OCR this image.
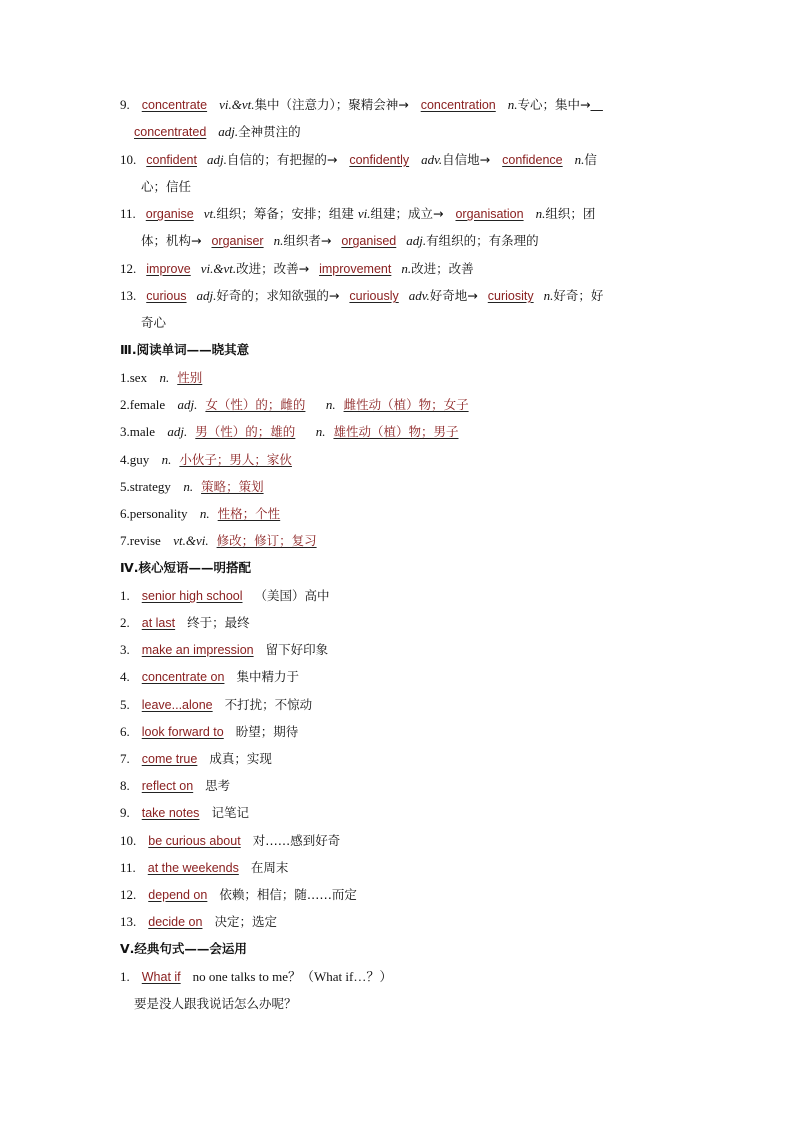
9. concentrate vi.&vt.集中（注意力）；聚精会神→ concentration n.专心；集中→
concentrated adj.全神贯注的
10. confident adj.自信的；有把握的→ confidently adv.自信地→ confidence n.信
心；信任
11. organise vt.组织；筹备；安排；组建 vi.组建；成立→ organisation n.组织；团
体；机构→ organiser n.组织者→ organised adj.有组织的；有条理的
12. improve vi.&vt.改进；改善→ improvement n.改进；改善
13. curious adj.好奇的；求知欲强的→ curiously adv.好奇地→ curiosity n.好奇；好
奇心
Ⅲ.阅读单词——晓其意
1.sex n. 性别
2.female adj. 女（性）的；雌的 n. 雌性动（植）物；女子
3.male adj. 男（性）的；雄的 n. 雄性动（植）物；男子
4.guy n. 小伙子；男人；家伙
5.strategy n. 策略；策划
6.personality n. 性格；个性
7.revise vt.&vi. 修改；修订；复习
Ⅳ.核心短语——明搭配
1. senior high school （美国）高中
2. at last 终于；最终
3. make an impression 留下好印象
4. concentrate on 集中精力于
5. leave...alone 不打扰；不惊动
6. look forward to 盼望；期待
7. come true 成真；实现
8. reflect on 思考
9. take notes 记笔记
10. be curious about 对……感到好奇
11. at the weekends 在周末
12. depend on 依赖；相信；随……而定
13. decide on 决定；选定
Ⅴ.经典句式——会运用
1. What if no one talks to me？（What if…？）
要是没人跟我说话怎么办呢？
